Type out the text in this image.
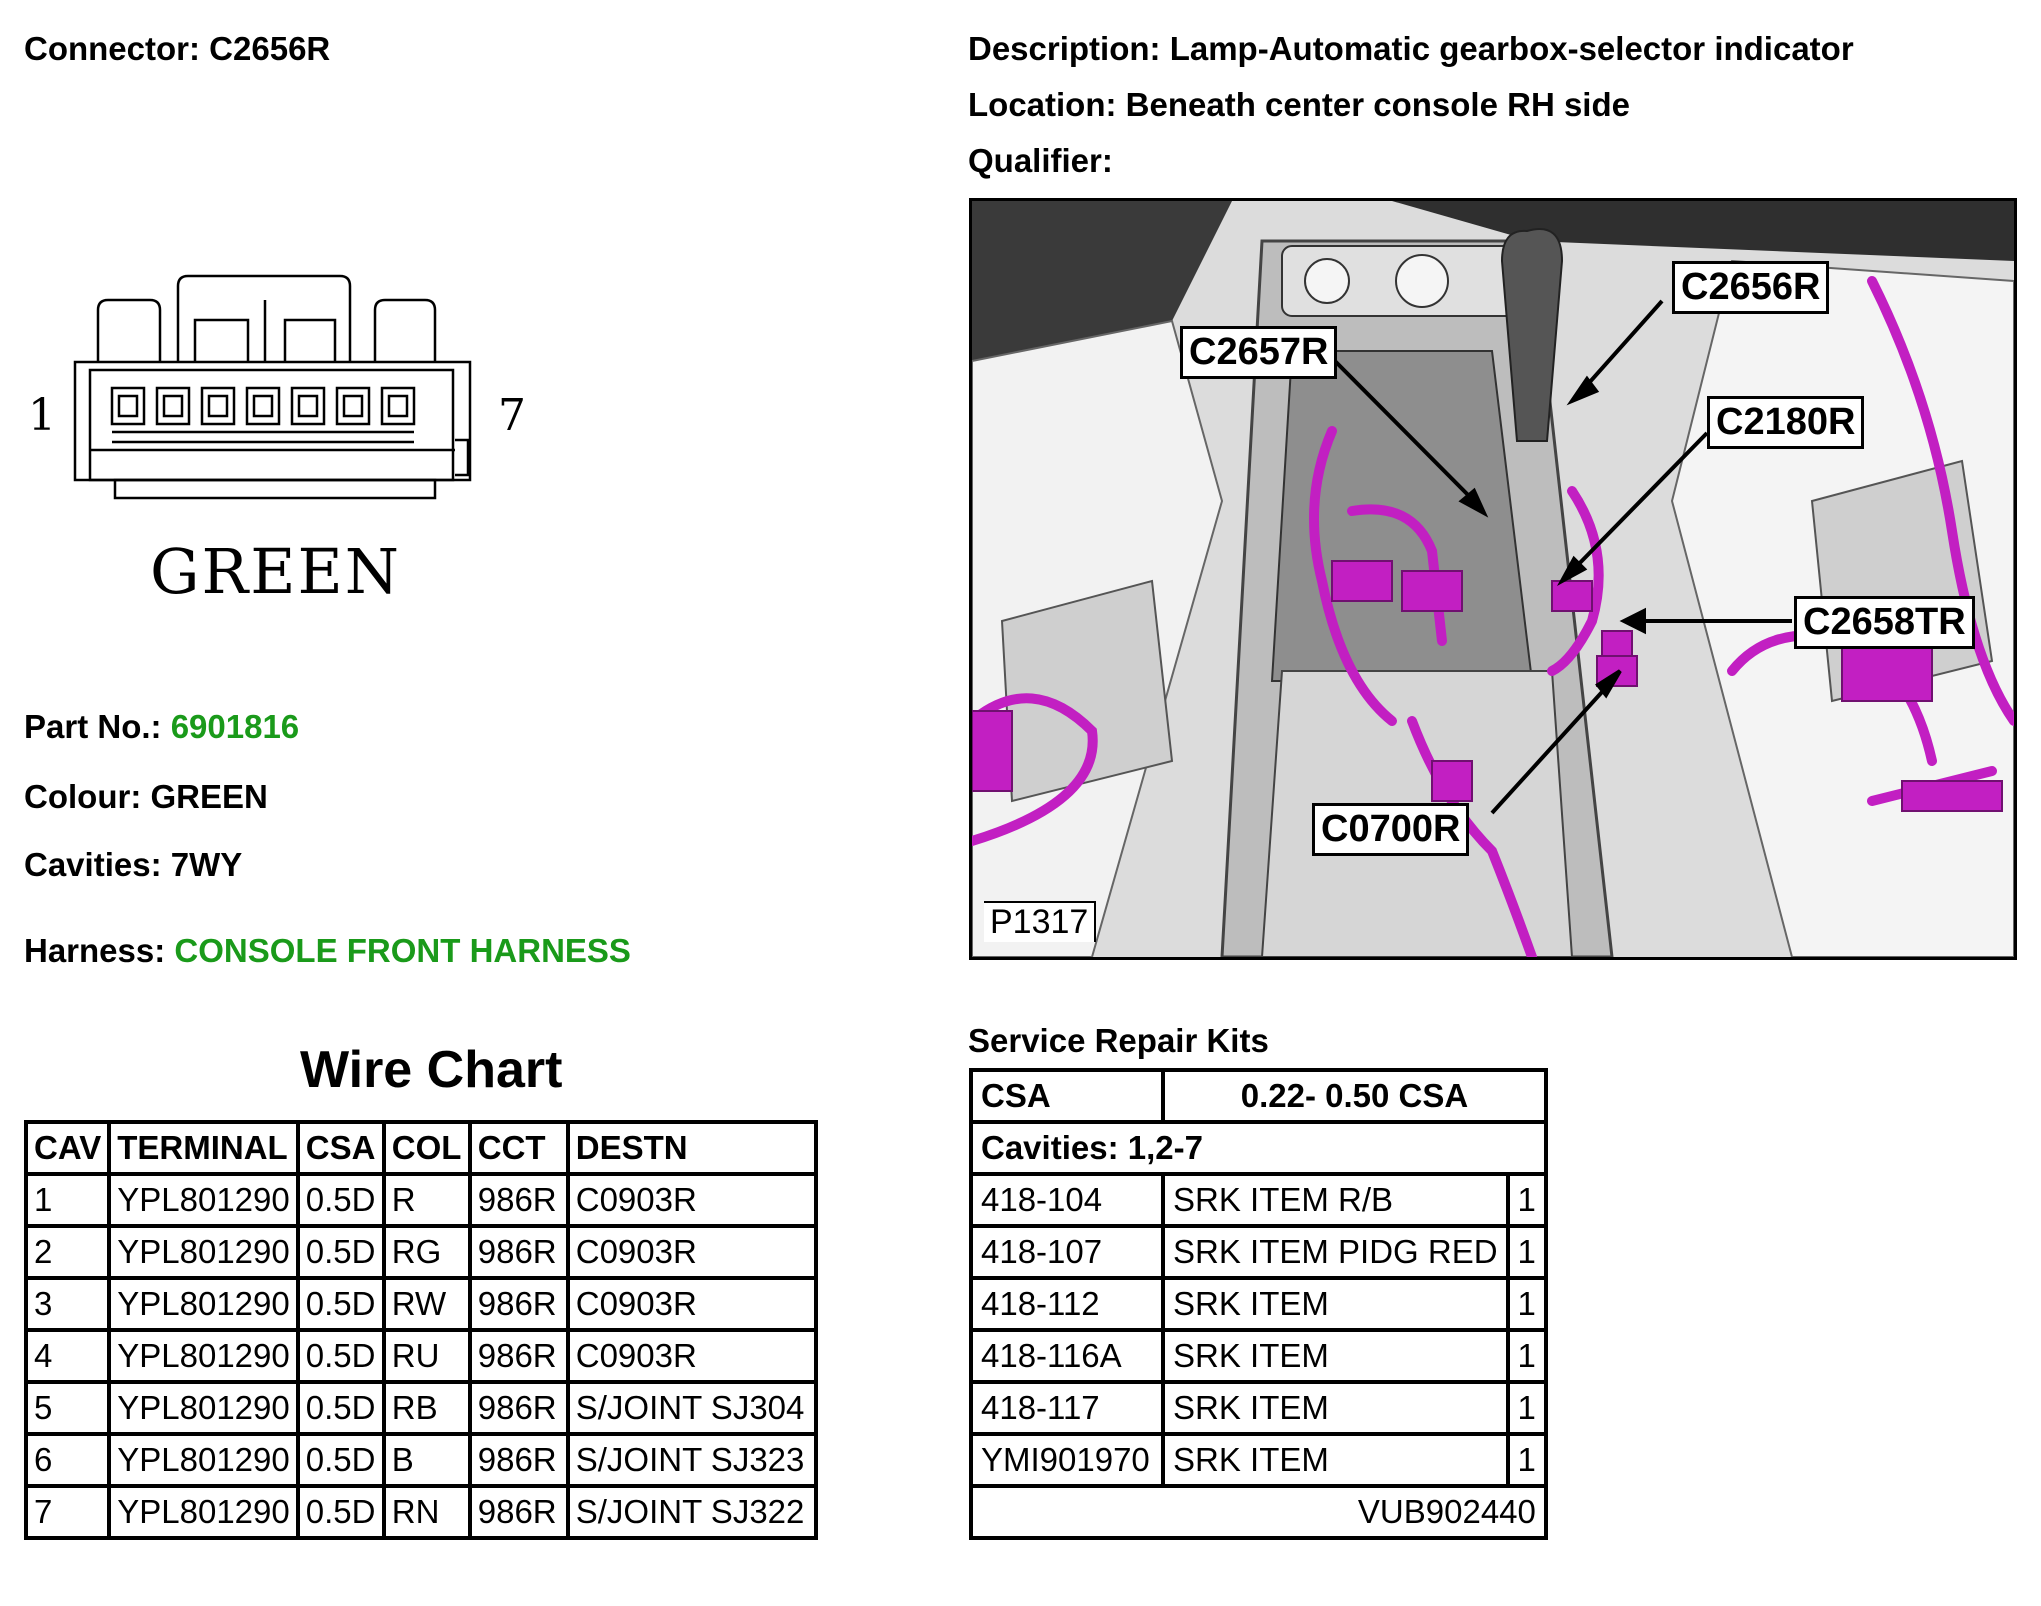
Connector: C2656R	Description: Lamp-Automatic gearbox-selector indicator
Location: Beneath center console RH side
Qualifier:
1	7
GREEN
Part No.: 6901816
Colour: GREEN
Cavities: 7WY
Harness: CONSOLE FRONT HARNESS
Wire Chart
CAV	TERMINAL	CSA	COL	CCT	DESTN
1	YPL801290	0.5D	R	986R	C0903R
2	YPL801290	0.5D	RG	986R	C0903R
3	YPL801290	0.5D	RW	986R	C0903R
4	YPL801290	0.5D	RU	986R	C0903R
5	YPL801290	0.5D	RB	986R	S/JOINT SJ304
6	YPL801290	0.5D	B	986R	S/JOINT SJ323
7	YPL801290	0.5D	RN	986R	S/JOINT SJ322
C2656R
C2657R
C2180R
C2658TR
C0700R
P1317
Service Repair Kits
CSA	0.22- 0.50 CSA	
Cavities: 1,2-7		
418-104	SRK ITEM R/B	1
418-107	SRK ITEM PIDG RED	1
418-112	SRK ITEM	1
418-116A	SRK ITEM	1
418-117	SRK ITEM	1
YMI901970	SRK ITEM	1
VUB902440		
